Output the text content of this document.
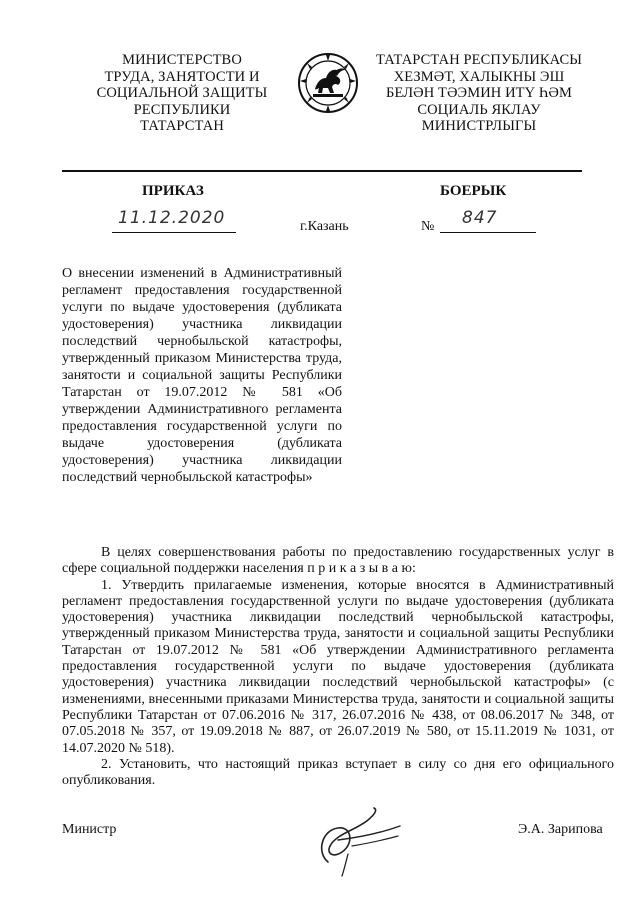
МИНИСТЕРСТВО
ТРУДА, ЗАНЯТОСТИ И
СОЦИАЛЬНОЙ ЗАЩИТЫ
РЕСПУБЛИКИ
ТАТАРСТАН
ТАТАРСТАН РЕСПУБЛИКАСЫ
ХЕЗМӘТ, ХАЛЫКНЫ ЭШ
БЕЛӘН ТӘЭМИН ИТҮ ҺӘМ
СОЦИАЛЬ ЯКЛАУ
МИНИСТРЛЫГЫ
ПРИКАЗ	БОЕРЫК
11.12.2020	г.Казань	№ 847
О внесении изменений в Административный регламент предоставления государственной услуги по выдаче удостоверения (дубликата удостоверения) участника ликвидации последствий чернобыльской катастрофы, утвержденный приказом Министерства труда, занятости и социальной защиты Республики Татарстан от 19.07.2012 № 581 «Об утверждении Административного регламента предоставления государственной услуги по выдаче удостоверения (дубликата удостоверения) участника ликвидации последствий чернобыльской катастрофы»

В целях совершенствования работы по предоставлению государственных услуг в сфере социальной поддержки населения п р и к а з ы в а ю:

1. Утвердить прилагаемые изменения, которые вносятся в Административный регламент предоставления государственной услуги по выдаче удостоверения (дубликата удостоверения) участника ликвидации последствий чернобыльской катастрофы, утвержденный приказом Министерства труда, занятости и социальной защиты Республики Татарстан от 19.07.2012 № 581 «Об утверждении Административного регламента предоставления государственной услуги по выдаче удостоверения (дубликата удостоверения) участника ликвидации последствий чернобыльской катастрофы» (с изменениями, внесенными приказами Министерства труда, занятости и социальной защиты Республики Татарстан от 07.06.2016 № 317, 26.07.2016 № 438, от 08.06.2017 № 348, от 07.05.2018 № 357, от 19.09.2018 № 887, от 26.07.2019 № 580, от 15.11.2019 № 1031, от 14.07.2020 № 518).

2. Установить, что настоящий приказ вступает в силу со дня его официального опубликования.

Министр	Э.А. Зарипова
